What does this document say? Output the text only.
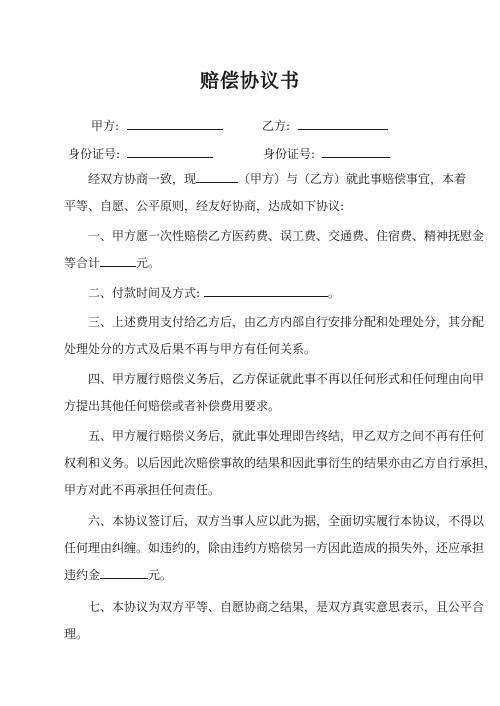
赔偿协议书
甲方:	乙方:
身份证号:	身份证号:
经双方协商一致，现	（甲方）与（乙方）就此事赔偿事宜，本着
平等、自愿、公平原则，经友好协商，达成如下协议:
一、甲方愿一次性赔偿乙方医药费、误工费、交通费、住宿费、精神抚慰金
等合计	元。
二、付款时间及方式:	。
三、上述费用支付给乙方后，由乙方内部自行安排分配和处理处分，其分配
处理处分的方式及后果不再与甲方有任何关系。
四、甲方履行赔偿义务后，乙方保证就此事不再以任何形式和任何理由向甲
方提出其他任何赔偿或者补偿费用要求。
五、甲方履行赔偿义务后，就此事处理即告终结，甲乙双方之间不再有任何
权利和义务。以后因此次赔偿事故的结果和因此事衍生的结果亦由乙方自行承担，
甲方对此不再承担任何责任。
六、本协议签订后，双方当事人应以此为据，全面切实履行本协议，不得以
任何理由纠缠。如违约的，除由违约方赔偿另一方因此造成的损失外，还应承担
违约金	元。
七、本协议为双方平等、自愿协商之结果，是双方真实意思表示，且公平合
理。
